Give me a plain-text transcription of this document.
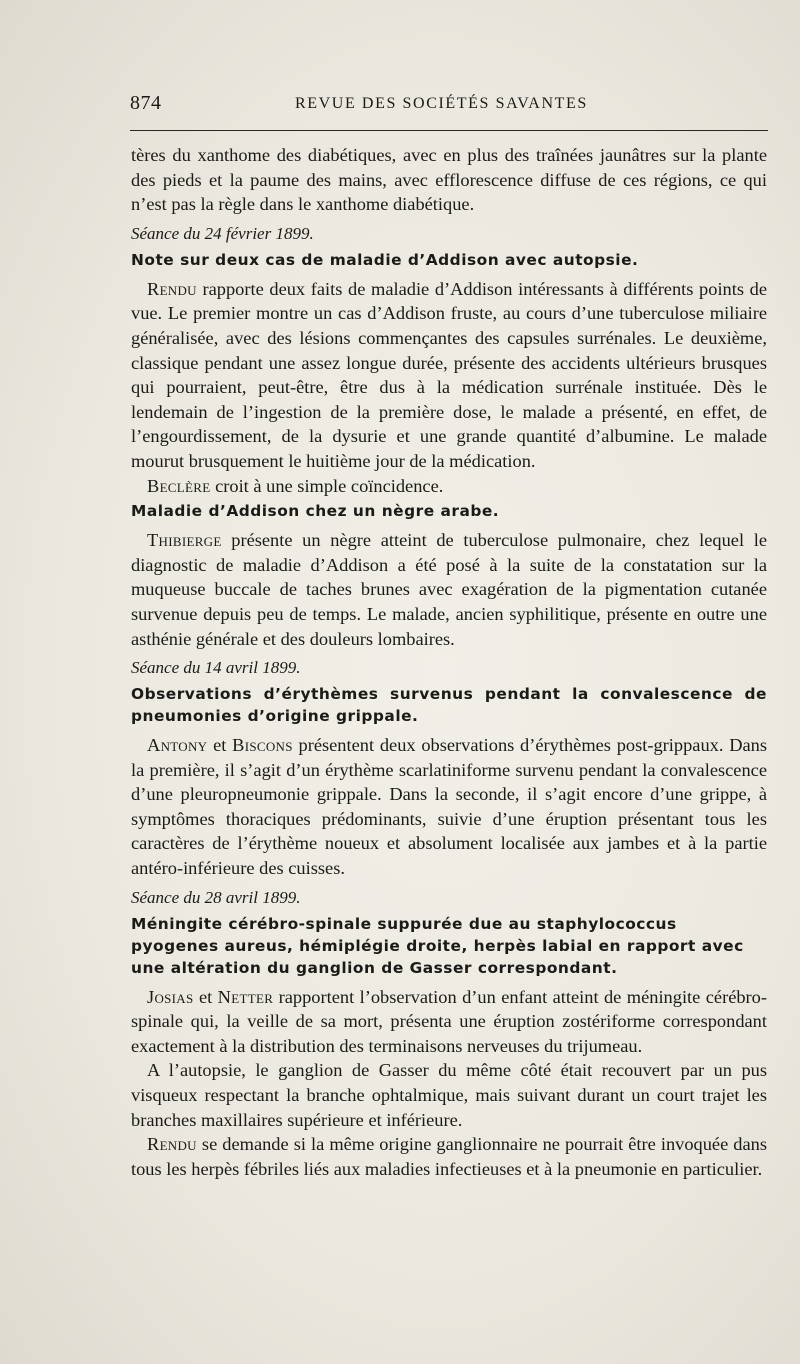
874	REVUE DES SOCIÉTÉS SAVANTES

tères du xanthome des diabétiques, avec en plus des traînées jaunâtres sur la plante des pieds et la paume des mains, avec efflorescence diffuse de ces régions, ce qui n’est pas la règle dans le xanthome diabétique.

Séance du 24 février 1899.

Note sur deux cas de maladie d’Addison avec autopsie.

Rendu rapporte deux faits de maladie d’Addison intéressants à différents points de vue. Le premier montre un cas d’Addison fruste, au cours d’une tuberculose miliaire généralisée, avec des lésions commençantes des capsules surrénales. Le deuxième, classique pendant une assez longue durée, présente des accidents ultérieurs brusques qui pourraient, peut-être, être dus à la médication surrénale instituée. Dès le lendemain de l’ingestion de la première dose, le malade a présenté, en effet, de l’engourdissement, de la dysurie et une grande quantité d’albumine. Le malade mourut brusquement le huitième jour de la médication.

Beclère croit à une simple coïncidence.

Maladie d’Addison chez un nègre arabe.

Thibierge présente un nègre atteint de tuberculose pulmonaire, chez lequel le diagnostic de maladie d’Addison a été posé à la suite de la constatation sur la muqueuse buccale de taches brunes avec exagération de la pigmentation cutanée survenue depuis peu de temps. Le malade, ancien syphilitique, présente en outre une asthénie générale et des douleurs lombaires.

Séance du 14 avril 1899.

Observations d’érythèmes survenus pendant la convalescence de pneumonies d’origine grippale.

Antony et Biscons présentent deux observations d’érythèmes post-grippaux. Dans la première, il s’agit d’un érythème scarlatiniforme survenu pendant la convalescence d’une pleuropneumonie grippale. Dans la seconde, il s’agit encore d’une grippe, à symptômes thoraciques prédominants, suivie d’une éruption présentant tous les caractères de l’érythème noueux et absolument localisée aux jambes et à la partie antéro-inférieure des cuisses.

Séance du 28 avril 1899.

Méningite cérébro-spinale suppurée due au staphylococcus pyogenes aureus, hémiplégie droite, herpès labial en rapport avec une altération du ganglion de Gasser correspondant.

Josias et Netter rapportent l’observation d’un enfant atteint de méningite cérébro-spinale qui, la veille de sa mort, présenta une éruption zostériforme correspondant exactement à la distribution des terminaisons nerveuses du trijumeau.

A l’autopsie, le ganglion de Gasser du même côté était recouvert par un pus visqueux respectant la branche ophtalmique, mais suivant durant un court trajet les branches maxillaires supérieure et inférieure.

Rendu se demande si la même origine ganglionnaire ne pourrait être invoquée dans tous les herpès fébriles liés aux maladies infectieuses et à la pneumonie en particulier.
